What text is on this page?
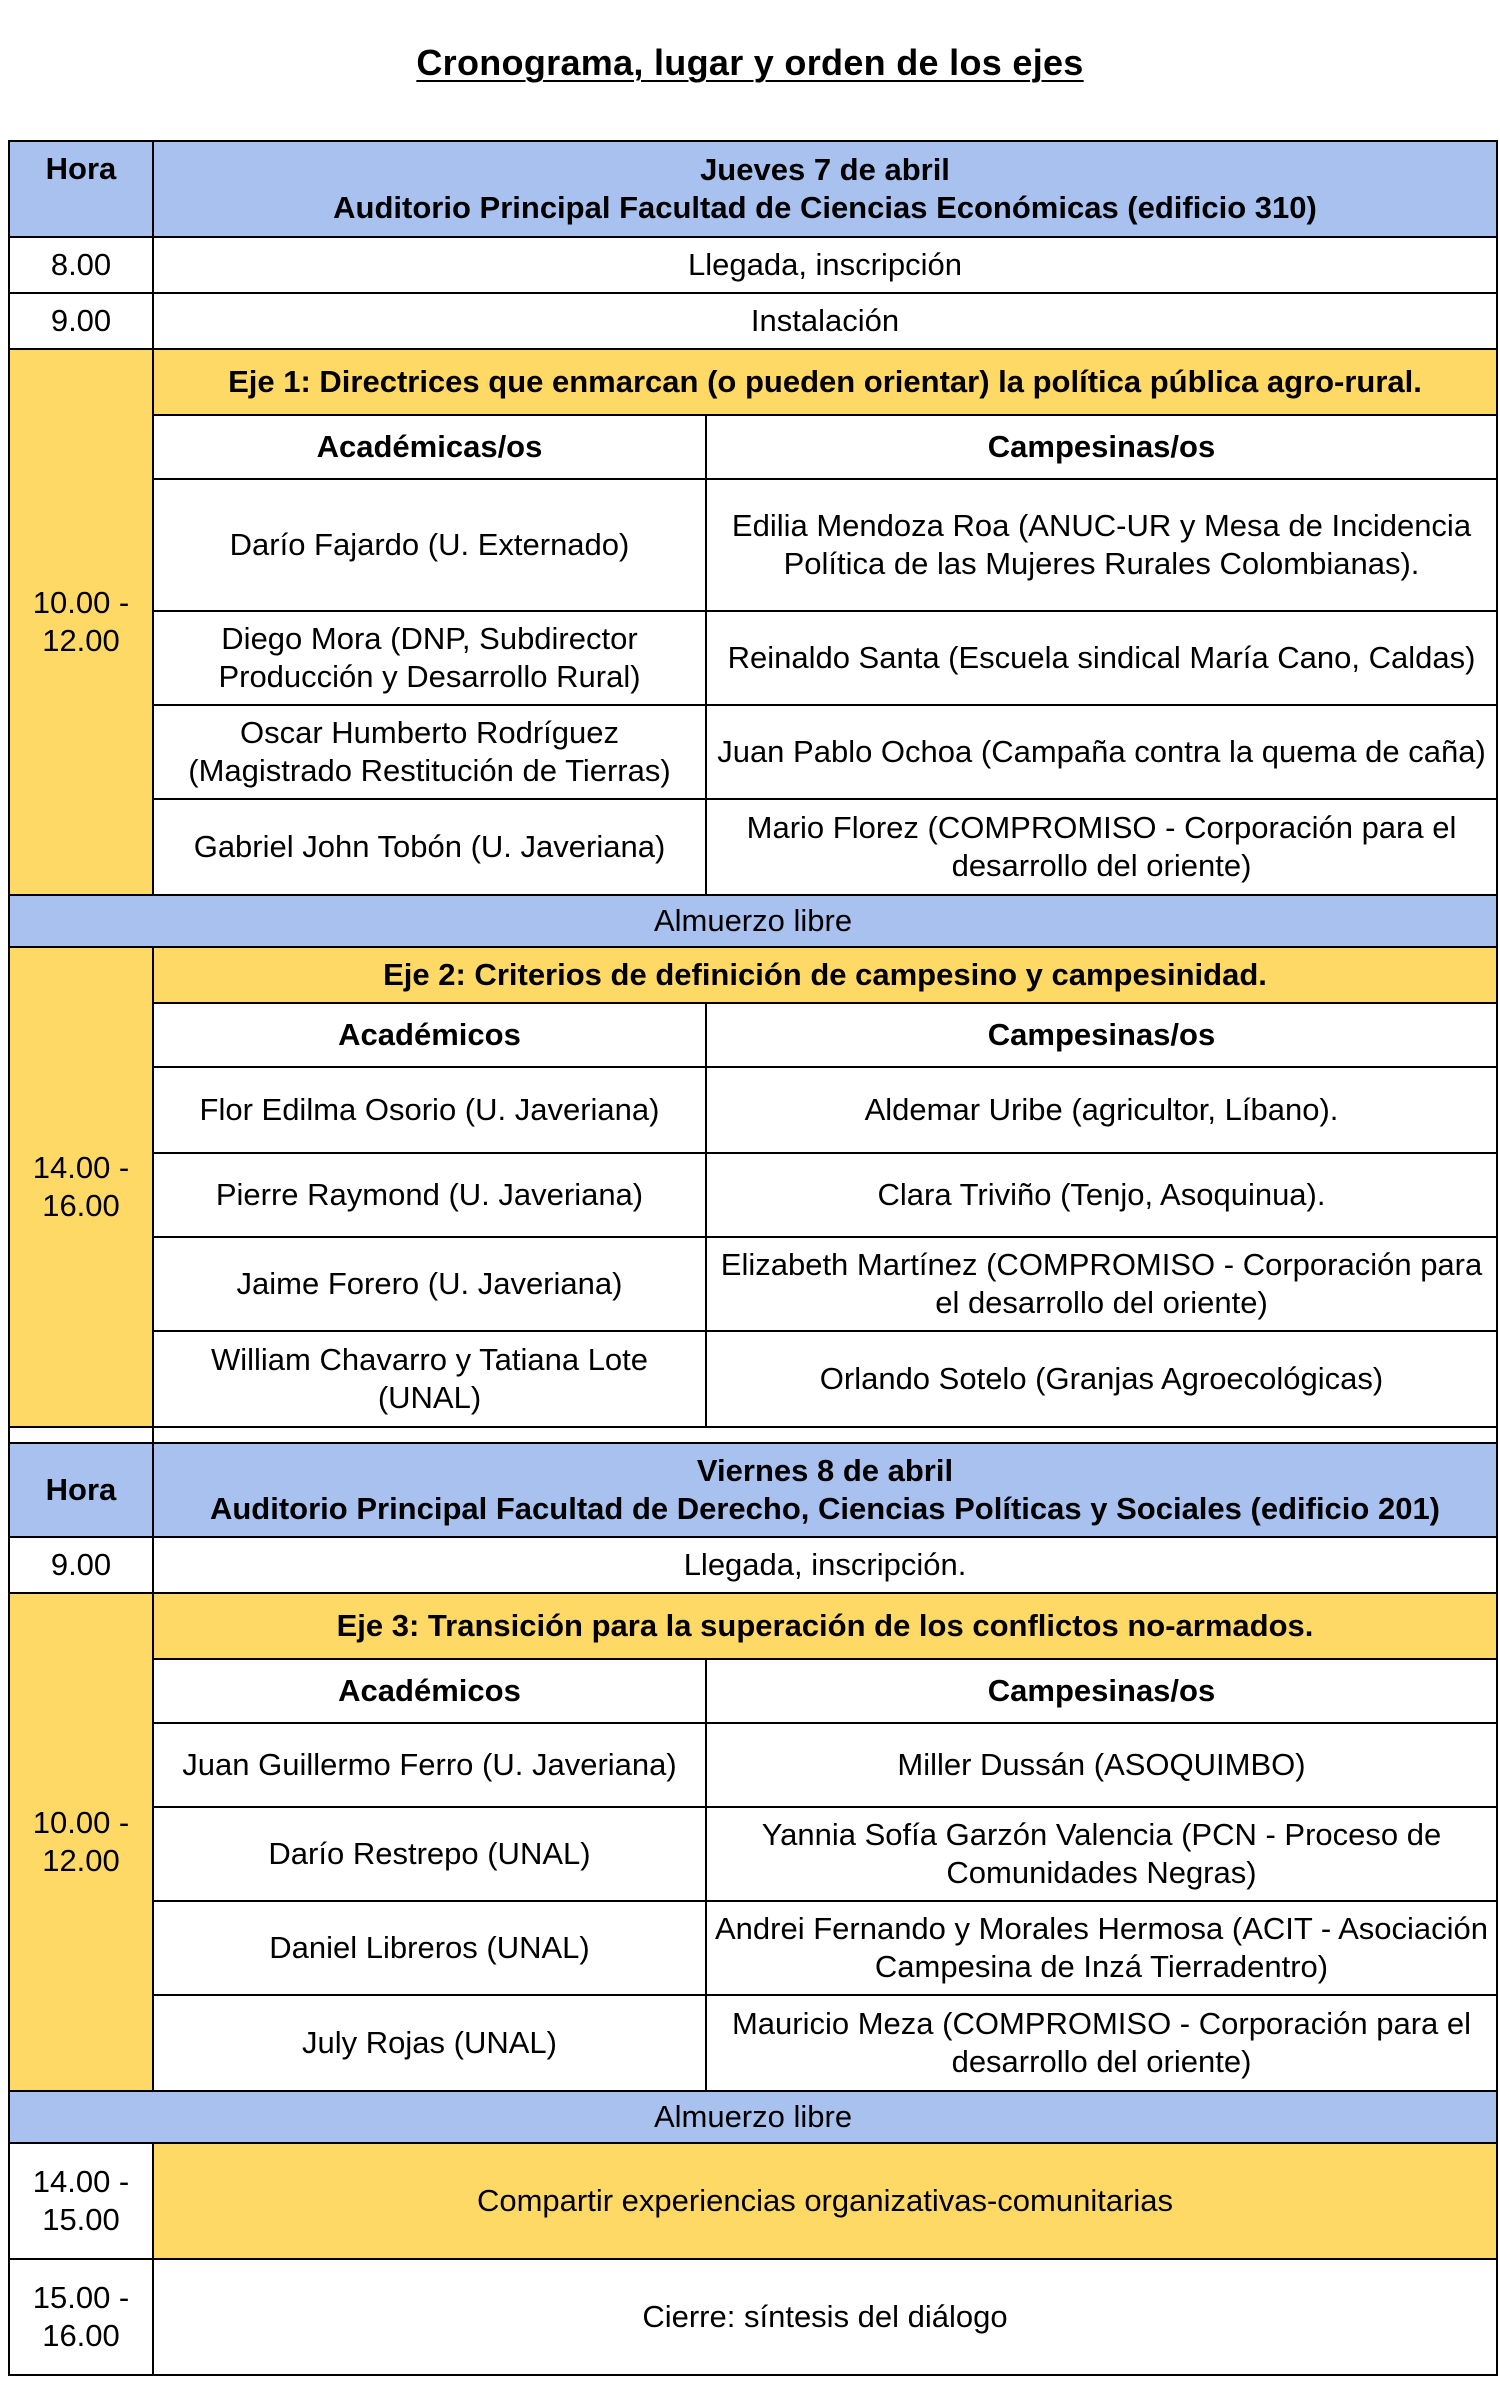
Cronograma, lugar y orden de los ejes
Hora	Jueves 7 de abril
Auditorio Principal Facultad de Ciencias Económicas (edificio 310)	

8.00	Llegada, inscripción	
9.00	Instalación	
10.00 - 12.00	Eje 1: Directrices que enmarcan (o pueden orientar) la política pública agro-rural.	
	Académicas/os	Campesinas/os
	Darío Fajardo (U. Externado)	Edilia Mendoza Roa (ANUC-UR y Mesa de Incidencia Política de las Mujeres Rurales Colombianas).
	Diego Mora (DNP, Subdirector Producción y Desarrollo Rural)	Reinaldo Santa (Escuela sindical María Cano, Caldas)
	Oscar Humberto Rodríguez (Magistrado Restitución de Tierras)	Juan Pablo Ochoa (Campaña contra la quema de caña)
	Gabriel John Tobón (U. Javeriana)	Mario Florez (COMPROMISO - Corporación para el desarrollo del oriente)
Almuerzo libre		
14.00 - 16.00	Eje 2: Criterios de definición de campesino y campesinidad.	
	Académicos	Campesinas/os
	Flor Edilma Osorio (U. Javeriana)	Aldemar Uribe (agricultor, Líbano).
	Pierre Raymond (U. Javeriana)	Clara Triviño (Tenjo, Asoquinua).
	Jaime Forero (U. Javeriana)	Elizabeth Martínez (COMPROMISO - Corporación para el desarrollo del oriente)
	William Chavarro y Tatiana Lote (UNAL)	Orlando Sotelo (Granjas Agroecológicas)

Hora	Viernes 8 de abril
Auditorio Principal Facultad de Derecho, Ciencias Políticas y Sociales (edificio 201)	

9.00	Llegada, inscripción.	
10.00 - 12.00	Eje 3: Transición para la superación de los conflictos no-armados.	
	Académicos	Campesinas/os
	Juan Guillermo Ferro (U. Javeriana)	Miller Dussán (ASOQUIMBO)
	Darío Restrepo (UNAL)	Yannia Sofía Garzón Valencia (PCN - Proceso de Comunidades Negras)
	Daniel Libreros (UNAL)	Andrei Fernando y Morales Hermosa (ACIT - Asociación Campesina de Inzá Tierradentro)
	July Rojas (UNAL)	Mauricio Meza (COMPROMISO - Corporación para el desarrollo del oriente)
Almuerzo libre		
14.00 - 15.00	Compartir experiencias organizativas-comunitarias	
15.00 - 16.00	Cierre: síntesis del diálogo	
